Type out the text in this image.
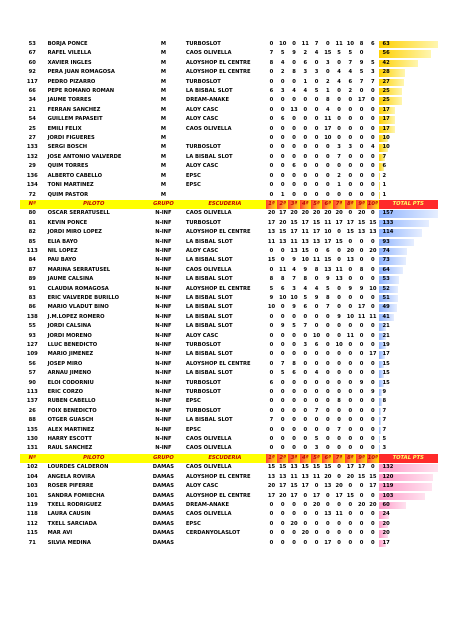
53	BORJA PONCE	M	TURBOSLOT	0	10	0	11	7	0	11	10	8	6	63
67	RAFEL VILELLA	M	CAOS OLIVELLA	7	5	9	2	4	15	5	5	0		56
60	XAVIER INGLES	M	ALOYSHOP EL CENTRE	8	4	0	6	0	3	0	7	9	5	42
92	PERA JUAN ROMAGOSA	M	ALOYSHOP EL CENTRE	0	2	8	3	3	0	4	4	5	3	28
117	PEDRO PIZARRO	M	TURBOSLOT	0	0	0	1	0	2	4	6	7	7	27
66	PEPE ROMANO ROMAN	M	LA BISBAL SLOT	6	3	4	4	5	1	0	2	0	0	25
34	JAUME TORRES	M	DREAM-ANAKE	0	0	0	0	0	8	0	0	17	0	25
21	FERRAN SANCHEZ	M	ALOY CASC	0	0	13	0	0	4	0	0	0	0	17
54	GUILLEM PAPASEIT	M	ALOY CASC	0	6	0	0	0	11	0	0	0	0	17
25	EMILI FELIX	M	CAOS OLIVELLA	0	0	0	0	0	17	0	0	0	0	17
27	JORDI FIGUERES	M		0	0	0	0	0	10	0	0	0	0	10
133	SERGI BOSCH	M	TURBOSLOT	0	0	0	0	0	0	3	3	0	4	10
132	JOSE ANTONIO VALVERDE	M	LA BISBAL SLOT	0	0	0	0	0	0	7	0	0	0	7
29	QUIM TORRES	M	ALOY CASC	0	0	6	0	0	0	0	0	0	0	6
136	ALBERTO CABELLO	M	EPSC	0	0	0	0	0	0	2	0	0	0	2
134	TONI MARTINEZ	M	EPSC	0	0	0	0	0	0	1	0	0	0	1
72	QUIM PASTOR	M		0	1	0	0	0	0	0	0	0	0	1
Nº	PILOTO	GRUPO	ESCUDERIA	1ª	2ª	3ª	4ª	5ª	6ª	7ª	8ª	9ª	10ª	TOTAL PTS
80	OSCAR SERRATUSELL	N-INF	CAOS OLIVELLA	20	17	20	20	20	20	20	0	20	0	157
81	KEVIN PONCE	N-INF	TURBOSLOT	17	20	15	17	15	11	17	17	15	15	133
82	JORDI MIRO LOPEZ	N-INF	ALOYSHOP EL CENTRE	13	15	17	11	17	10	0	15	13	13	114
85	ELIA BAYO	N-INF	LA BISBAL SLOT	11	13	11	13	13	17	15	0	0	0	93
113	NIL LOPEZ	N-INF	ALOY CASC	0	0	13	15	0	6	0	20	0	20	74
84	PAU BAYO	N-INF	LA BISBAL SLOT	15	0	9	10	11	15	0	13	0	0	73
87	MARINA SERRATUSEL	N-INF	CAOS OLIVELLA	0	11	4	9	8	13	11	0	8	0	64
89	JAUME CALSINA	N-INF	LA BISBAL SLOT	8	8	7	8	0	9	13	0	0	0	53
91	CLAUDIA ROMAGOSA	N-INF	ALOYSHOP EL CENTRE	5	6	3	4	4	5	0	9	9	10	52
83	ERIC VALVERDE BURILLO	N-INF	LA BISBAL SLOT	9	10	10	5	9	8	0	0	0	0	51
86	MARIO VLADUT BINO	N-INF	LA BISBAL SLOT	10	0	9	6	0	7	0	0	17	0	49
138	J.M.LOPEZ ROMERO	N-INF	LA BISBAL SLOT	0	0	0	0	0	0	9	10	11	11	41
55	JORDI CALSINA	N-INF	LA BISBAL SLOT	0	9	5	7	0	0	0	0	0	0	21
93	JORDI MORENO	N-INF	ALOY CASC	0	0	0	0	10	0	0	11	0	0	21
127	LLUC BENEDICTO	N-INF	TURBOSLOT	0	0	0	3	6	0	10	0	0	0	19
109	MARIO JIMENEZ	N-INF	LA BISBAL SLOT	0	0	0	0	0	0	0	0	0	17	17
56	JOSEP MIRO	N-INF	ALOYSHOP EL CENTRE	0	7	8	0	0	0	0	0	0	0	15
57	ARNAU JIMENO	N-INF	LA BISBAL SLOT	0	5	6	0	4	0	0	0	0	0	15
90	ELOI CODORNIU	N-INF	TURBOSLOT	6	0	0	0	0	0	0	0	9	0	15
113	ERIC CORZO	N-INF	TURBOSLOT	0	0	0	0	0	0	0	0	0	9	9
137	RUBEN CABELLO	N-INF	EPSC	0	0	0	0	0	0	8	0	0	0	8
26	FOIX BENEDICTO	N-INF	TURBOSLOT	0	0	0	0	7	0	0	0	0	0	7
88	OTGER GUASCH	N-INF	LA BISBAL SLOT	7	0	0	0	0	0	0	0	0	0	7
135	ALEX MARTINEZ	N-INF	EPSC	0	0	0	0	0	0	7	0	0	0	7
130	HARRY ESCOTT	N-INF	CAOS OLIVELLA	0	0	0	0	5	0	0	0	0	0	5
131	RAUL SANCHEZ	N-INF	CAOS OLIVELLA	0	0	0	0	3	0	0	0	0	0	3
Nº	PILOTO	GRUPO	ESCUDERIA	1ª	2ª	3ª	4ª	5ª	6ª	7ª	8ª	9ª	10ª	TOTAL PTS
102	LOURDES CALDERON	DAMAS	CAOS OLIVELLA	15	15	13	15	15	15	0	17	17	0	132
104	ANGELA ROVIRA	DAMAS	ALOYSHOP EL CENTRE	13	13	11	13	11	20	0	20	15	15	120
103	ROSER PIFERRE	DAMAS	ALOY CASC	20	17	15	17	0	13	20	0	0	17	119
101	SANDRA FOMIECHA	DAMAS	ALOYSHOP EL CENTRE	17	20	17	0	17	0	17	15	0	0	103
119	TXELL RODRIGUEZ	DAMAS	DREAM-ANAKE	0	0	0	0	20	0	0	0	20	20	60
118	LAURA CAUSIN	DAMAS	CAOS OLIVELLA	0	0	0	0	0	13	11	0	0	0	24
112	TXELL SARCIADA	DAMAS	EPSC	0	0	20	0	0	0	0	0	0	0	20
115	MAR AVI	DAMAS	CERDANYOLASLOT	0	0	0	20	0	0	0	0	0	0	20
71	SILVIA MEDINA	DAMAS		0	0	0	0	0	17	0	0	0	0	17
